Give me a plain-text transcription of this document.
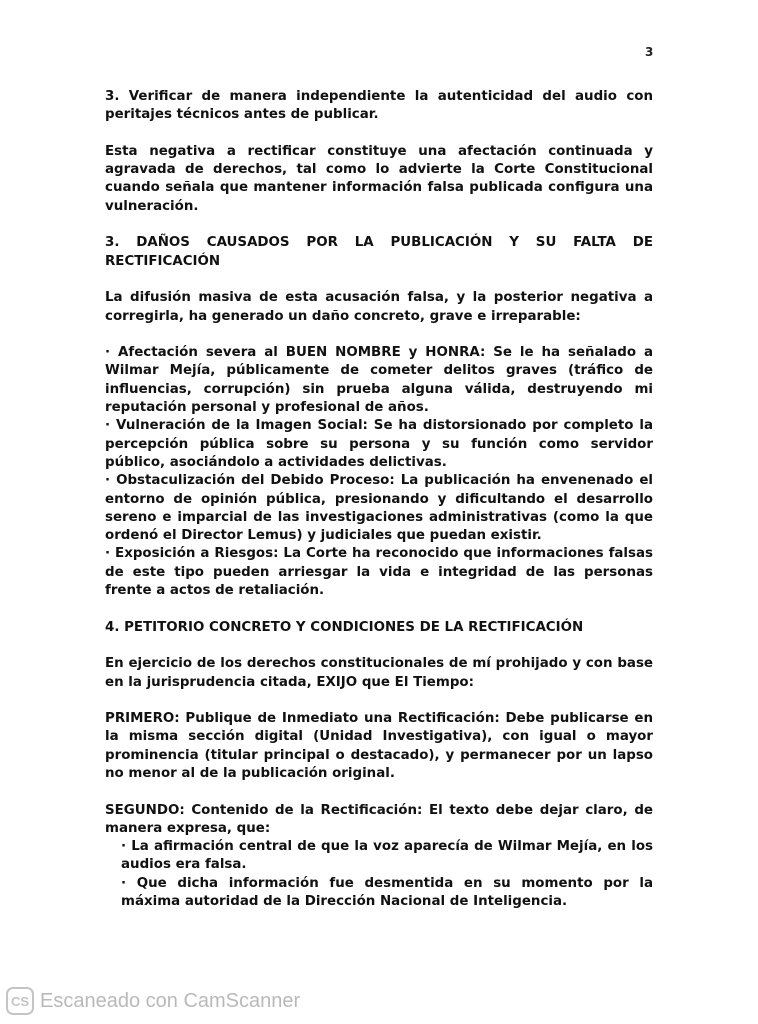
3

3. Verificar de manera independiente la autenticidad del audio con peritajes técnicos antes de publicar.

Esta negativa a rectificar constituye una afectación continuada y agravada de derechos, tal como lo advierte la Corte Constitucional cuando señala que mantener información falsa publicada configura una vulneración.

3. DAÑOS CAUSADOS POR LA PUBLICACIÓN Y SU FALTA DE RECTIFICACIÓN

La difusión masiva de esta acusación falsa, y la posterior negativa a corregirla, ha generado un daño concreto, grave e irreparable:

· Afectación severa al BUEN NOMBRE y HONRA: Se le ha señalado a Wilmar Mejía, públicamente de cometer delitos graves (tráfico de influencias, corrupción) sin prueba alguna válida, destruyendo mi reputación personal y profesional de años.

· Vulneración de la Imagen Social: Se ha distorsionado por completo la percepción pública sobre su persona y su función como servidor público, asociándolo a actividades delictivas.

· Obstaculización del Debido Proceso: La publicación ha envenenado el entorno de opinión pública, presionando y dificultando el desarrollo sereno e imparcial de las investigaciones administrativas (como la que ordenó el Director Lemus) y judiciales que puedan existir.

· Exposición a Riesgos: La Corte ha reconocido que informaciones falsas de este tipo pueden arriesgar la vida e integridad de las personas frente a actos de retaliación.

4. PETITORIO CONCRETO Y CONDICIONES DE LA RECTIFICACIÓN

En ejercicio de los derechos constitucionales de mí prohijado y con base en la jurisprudencia citada, EXIJO que El Tiempo:

PRIMERO: Publique de Inmediato una Rectificación: Debe publicarse en la misma sección digital (Unidad Investigativa), con igual o mayor prominencia (titular principal o destacado), y permanecer por un lapso no menor al de la publicación original.

SEGUNDO: Contenido de la Rectificación: El texto debe dejar claro, de manera expresa, que:

· La afirmación central de que la voz aparecía de Wilmar Mejía, en los audios era falsa.

· Que dicha información fue desmentida en su momento por la máxima autoridad de la Dirección Nacional de Inteligencia.

CS Escaneado con CamScanner
